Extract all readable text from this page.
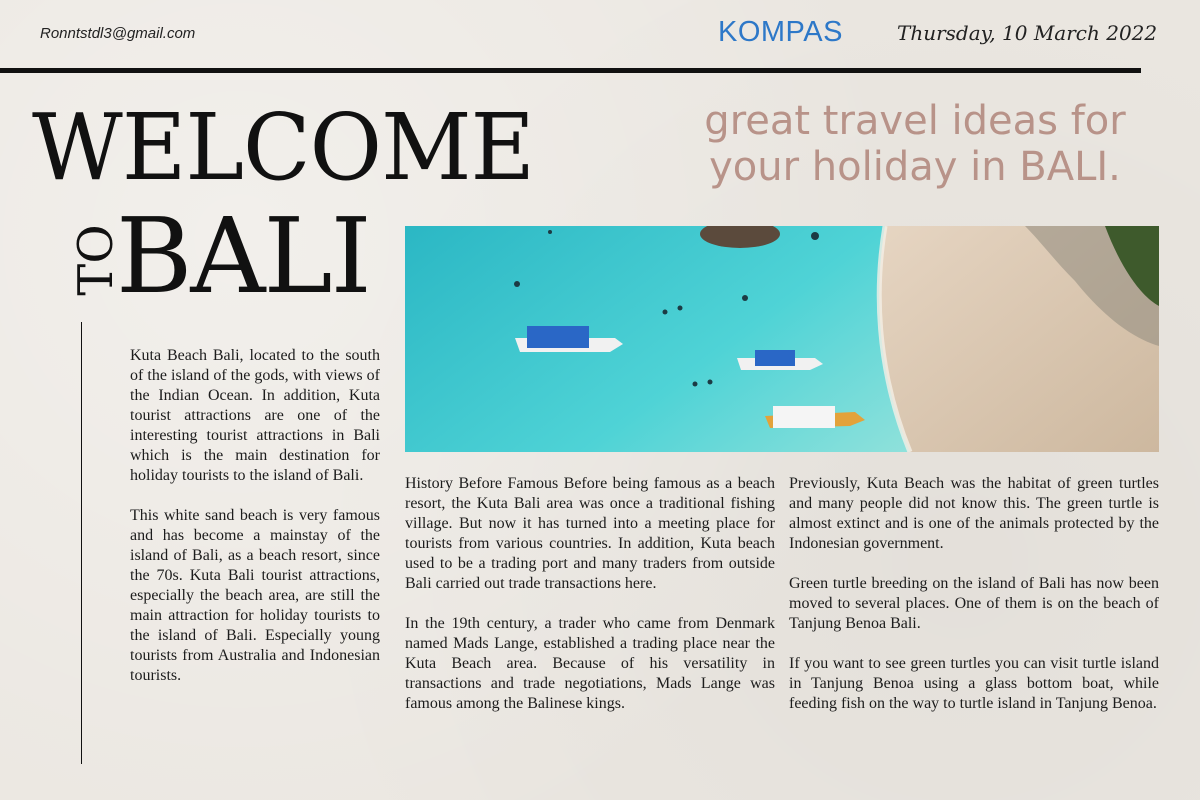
Ronntstdl3@gmail.com	KOMPAS	Thursday, 10 March 2022
WELCOME
TO
BALI
great travel ideas for
your holiday in BALI.

Kuta Beach Bali, located to the south of the island of the gods, with views of the Indian Ocean. In addition, Kuta tourist attractions are one of the interesting tourist attractions in Bali which is the main destination for holiday tourists to the island of Bali.

This white sand beach is very famous and has become a mainstay of the island of Bali, as a beach resort, since the 70s. Kuta Bali tourist attractions, especially the beach area, are still the main attraction for holiday tourists to the island of Bali. Especially young tourists from Australia and Indonesian tourists.

History Before Famous Before being famous as a beach resort, the Kuta Bali area was once a traditional fishing village. But now it has turned into a meeting place for tourists from various countries. In addition, Kuta beach used to be a trading port and many traders from outside Bali carried out trade transactions here.

In the 19th century, a trader who came from Denmark named Mads Lange, established a trading place near the Kuta Beach area. Because of his versatility in transactions and trade negotiations, Mads Lange was famous among the Balinese kings.

Previously, Kuta Beach was the habitat of green turtles and many people did not know this. The green turtle is almost extinct and is one of the animals protected by the Indonesian government.

Green turtle breeding on the island of Bali has now been moved to several places. One of them is on the beach of Tanjung Benoa Bali.

If you want to see green turtles you can visit turtle island in Tanjung Benoa using a glass bottom boat, while feeding fish on the way to turtle island in Tanjung Benoa.
